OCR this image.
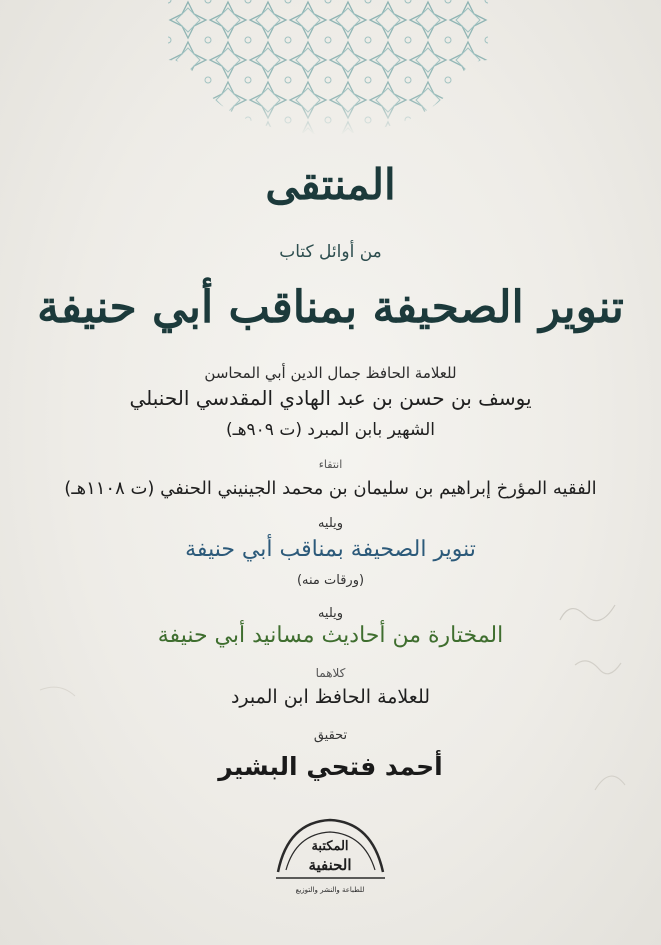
المنتقى
من أوائل كتاب
تنوير الصحيفة بمناقب أبي حنيفة
للعلامة الحافظ جمال الدين أبي المحاسن
يوسف بن حسن بن عبد الهادي المقدسي الحنبلي
الشهير بابن المبرد (ت ٩٠٩هـ)
انتقاء
الفقيه المؤرخ إبراهيم بن سليمان بن محمد الجينيني الحنفي (ت ١١٠٨هـ)
ويليه
تنوير الصحيفة بمناقب أبي حنيفة
(ورقات منه)
ويليه
المختارة من أحاديث مسانيد أبي حنيفة
كلاهما
للعلامة الحافظ ابن المبرد
تحقيق
أحمد فتحي البشير
المكتبة
الحنفية
للطباعة والنشر والتوزيع
